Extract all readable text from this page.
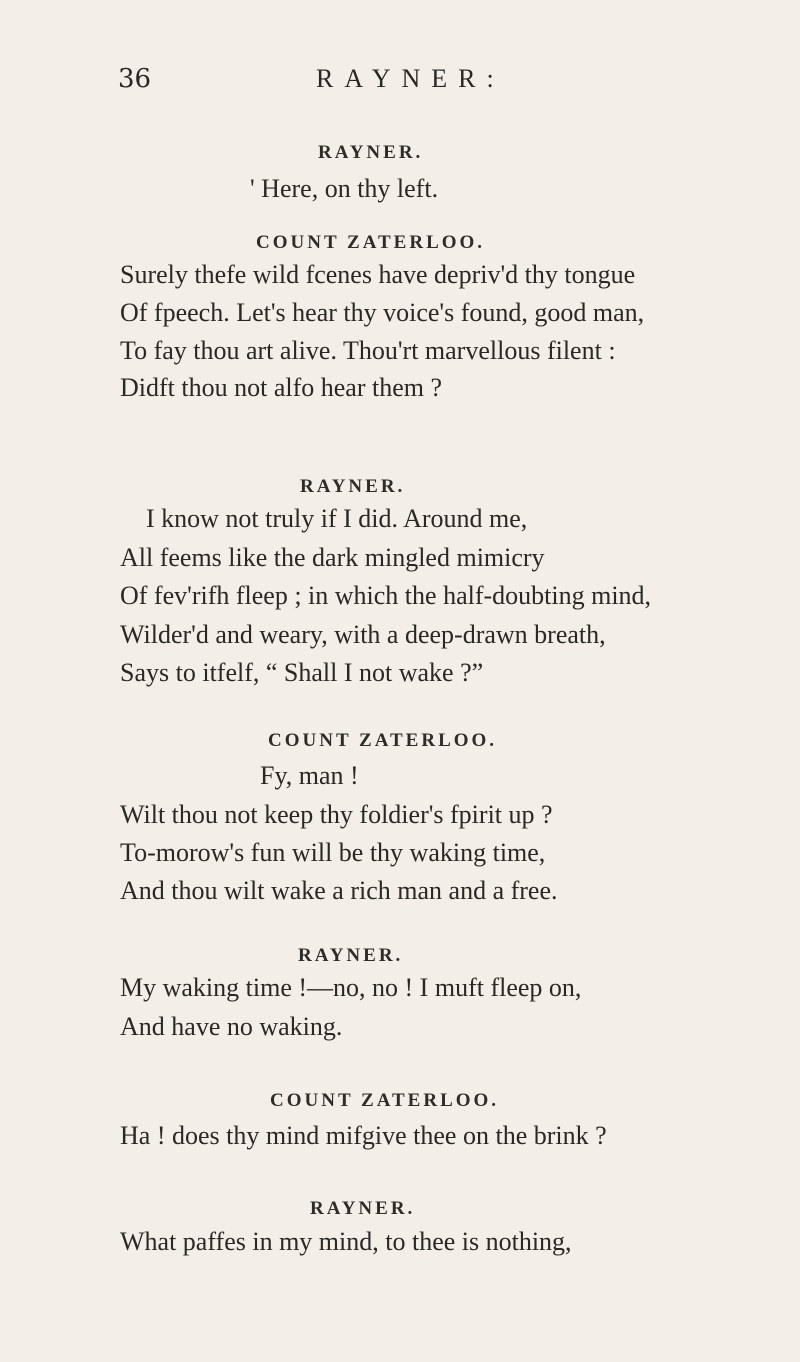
36	RAYNER:
RAYNER.
' Here, on thy left.
COUNT ZATERLOO.
Surely thefe wild fcenes have depriv'd thy tongue
Of fpeech. Let's hear thy voice's found, good man,
To fay thou art alive. Thou'rt marvellous filent :
Didft thou not alfo hear them ?
RAYNER.
I know not truly if I did. Around me,
All feems like the dark mingled mimicry
Of fev'rifh fleep ; in which the half-doubting mind,
Wilder'd and weary, with a deep-drawn breath,
Says to itfelf, “ Shall I not wake ?”
COUNT ZATERLOO.
Fy, man !
Wilt thou not keep thy foldier's fpirit up ?
To-morow's fun will be thy waking time,
And thou wilt wake a rich man and a free.
RAYNER.
My waking time !—no, no ! I muft fleep on,
And have no waking.
COUNT ZATERLOO.
Ha ! does thy mind mifgive thee on the brink ?
RAYNER.
What paffes in my mind, to thee is nothing,
